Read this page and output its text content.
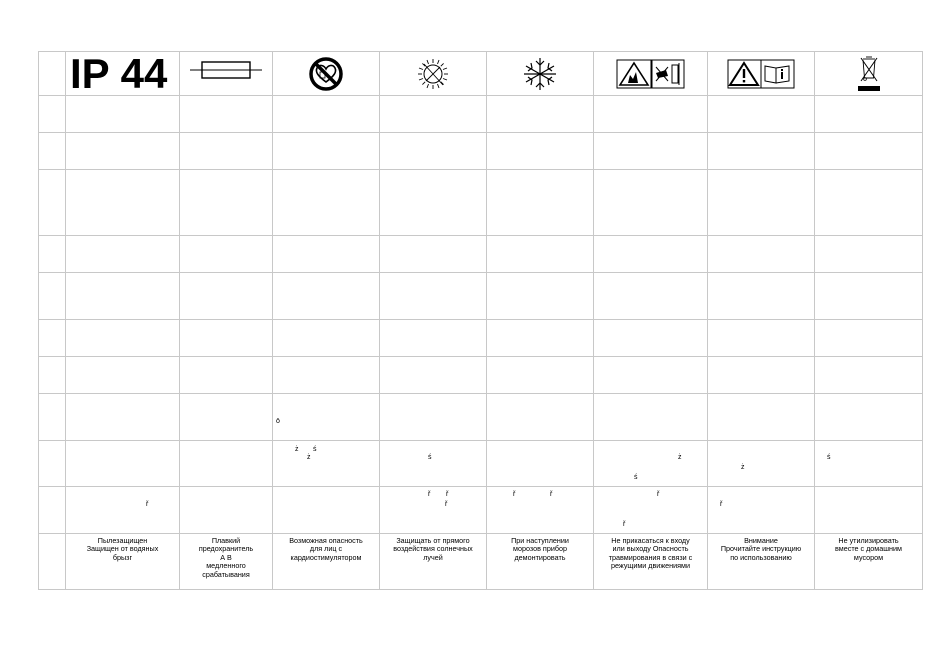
	IP 44

		ō						

			ż ś
ż	ś		ż
ś	ż	ś

	ř			ř ř
ř	ř ř	ř
ř	ř	

	Пылезащищен
Защищен от водяных
брызг	Плавкий
предохранитель
А В
медленного
срабатывания	Возможная опасность
для лиц с
кардиостимулятором	Защищать от прямого
воздействия солнечных
лучей	При наступлении
морозов прибор
демонтировать	Не прикасаться к входу
или выходу Опасность
травмирования в связи с
режущими движениями	Внимание
Прочитайте инструкцию
по использованию	Не утилизировать
вместе с домашним
мусором
